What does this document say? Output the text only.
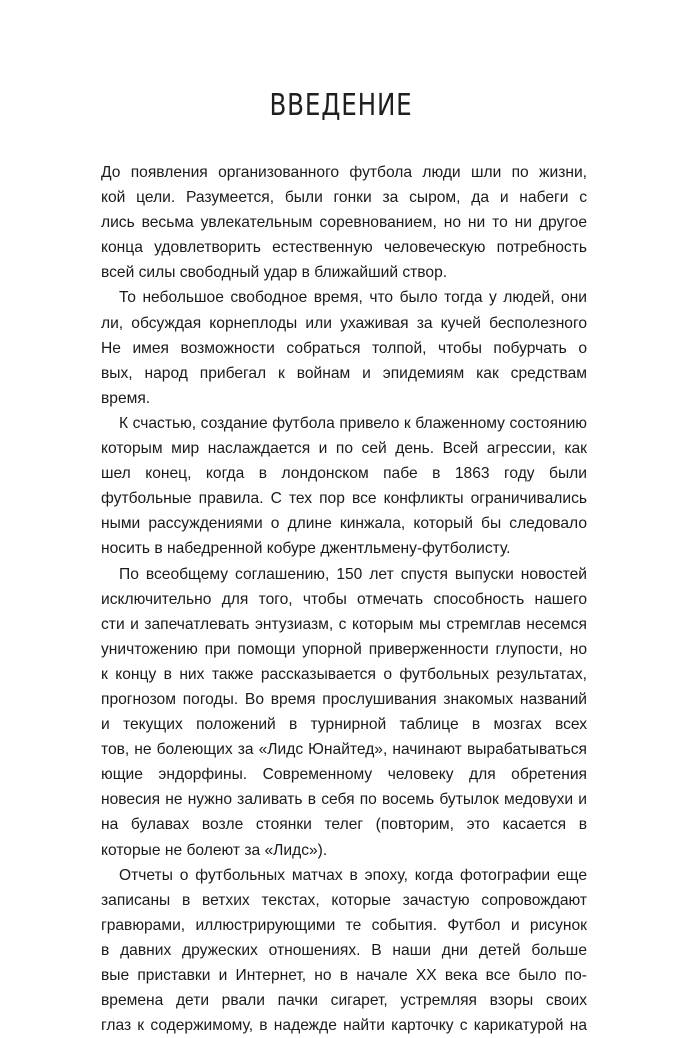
ВВЕДЕНИЕ
До появления организованного футбола люди шли по жизни,
кой цели. Разумеется, были гонки за сыром, да и набеги с
лись весьма увлекательным соревнованием, но ни то ни другое
конца удовлетворить естественную человеческую потребность
всей силы свободный удар в ближайший створ.
То небольшое свободное время, что было тогда у людей, они
ли, обсуждая корнеплоды или ухаживая за кучей бесполезного
Не имея возможности собраться толпой, чтобы побурчать о
вых, народ прибегал к войнам и эпидемиям как средствам
время.
К счастью, создание футбола привело к блаженному состоянию
которым мир наслаждается и по сей день. Всей агрессии, как
шел конец, когда в лондонском пабе в 1863 году были
футбольные правила. С тех пор все конфликты ограничивались
ными рассуждениями о длине кинжала, который бы следовало
носить в набедренной кобуре джентльмену-футболисту.
По всеобщему соглашению, 150 лет спустя выпуски новостей
исключительно для того, чтобы отмечать способность нашего
сти и запечатлевать энтузиазм, с которым мы стремглав несемся
уничтожению при помощи упорной приверженности глупости, но
к концу в них также рассказывается о футбольных результатах,
прогнозом погоды. Во время прослушивания знакомых названий
и текущих положений в турнирной таблице в мозгах всех
тов, не болеющих за «Лидс Юнайтед», начинают вырабатываться
ющие эндорфины. Современному человеку для обретения
новесия не нужно заливать в себя по восемь бутылок медовухи и
на булавах возле стоянки телег (повторим, это касается в
которые не болеют за «Лидс»).
Отчеты о футбольных матчах в эпоху, когда фотографии еще
записаны в ветхих текстах, которые зачастую сопровождают
гравюрами, иллюстрирующими те события. Футбол и рисунок
в давних дружеских отношениях. В наши дни детей больше
вые приставки и Интернет, но в начале XX века все было по-
времена дети рвали пачки сигарет, устремляя взоры своих
глаз к содержимому, в надежде найти карточку с карикатурой на
